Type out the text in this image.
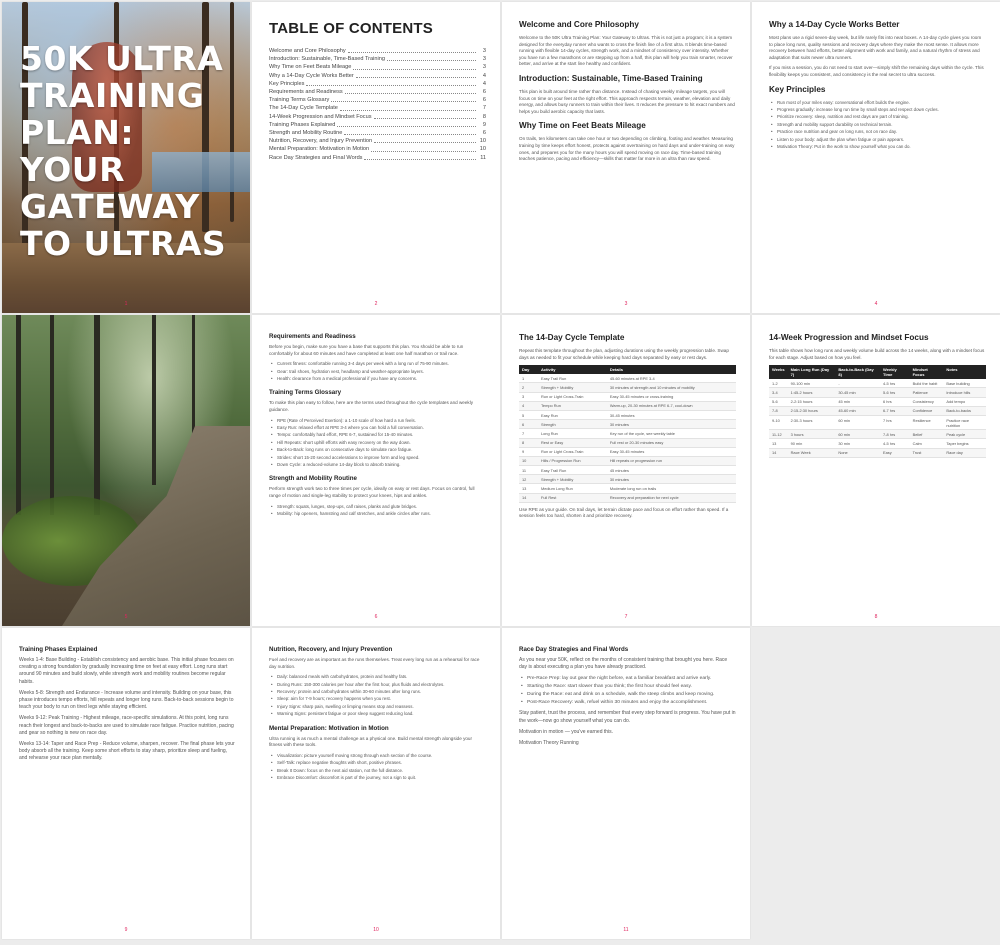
50K ULTRA TRAINING PLAN: YOUR GATEWAY TO ULTRAS
1
TABLE OF CONTENTS
Welcome and Core Philosophy	3
Introduction: Sustainable, Time-Based Training	3
Why Time on Feet Beats Mileage	3
Why a 14-Day Cycle Works Better	4
Key Principles	4
Requirements and Readiness	6
Training Terms Glossary	6
The 14-Day Cycle Template	7
14-Week Progression and Mindset Focus	8
Training Phases Explained	9
Strength and Mobility Routine	6
Nutrition, Recovery, and Injury Prevention	10
Mental Preparation: Motivation in Motion	10
Race Day Strategies and Final Words	11
2
Welcome and Core Philosophy

Welcome to the 50K Ultra Training Plan: Your Gateway to Ultras. This is not just a program; it is a system designed for the everyday runner who wants to cross the finish line of a first ultra. It blends time-based running with flexible 14-day cycles, strength work, and a mindset of consistency over intensity. Whether you have run a few marathons or are stepping up from a half, this plan will help you train smarter, recover better, and arrive at the start line healthy and confident.

Introduction: Sustainable, Time-Based Training

This plan is built around time rather than distance. Instead of chasing weekly mileage targets, you will focus on time on your feet at the right effort. This approach respects terrain, weather, elevation and daily energy, and allows busy runners to train within their lives. It reduces the pressure to hit exact numbers and helps you build aerobic capacity that lasts.

Why Time on Feet Beats Mileage

On trails, ten kilometers can take one hour or two depending on climbing, footing and weather. Measuring training by time keeps effort honest, protects against overtraining on hard days and under-training on easy ones, and prepares you for the many hours you will spend moving on race day. Time-based training teaches patience, pacing and efficiency—skills that matter far more in an ultra than raw speed.

3
Why a 14-Day Cycle Works Better

Most plans use a rigid seven-day week, but life rarely fits into neat boxes. A 14-day cycle gives you room to place long runs, quality sessions and recovery days where they make the most sense. It allows more recovery between hard efforts, better alignment with work and family, and a natural rhythm of stress and adaptation that suits newer ultra runners.

If you miss a session, you do not need to start over—simply shift the remaining days within the cycle. This flexibility keeps you consistent, and consistency is the real secret to ultra success.

Key Principles
• Run most of your miles easy: conversational effort builds the engine.
• Progress gradually: increase long run time by small steps and respect down cycles.
• Prioritize recovery: sleep, nutrition and rest days are part of training.
• Strength and mobility support durability on technical terrain.
• Practice race nutrition and gear on long runs, not on race day.
• Listen to your body: adjust the plan when fatigue or pain appears.
• Motivation Theory: Put in the work to show yourself what you can do.
4
5
Requirements and Readiness

Before you begin, make sure you have a base that supports this plan. You should be able to run comfortably for about 60 minutes and have completed at least one half marathon or trail race.

• Current fitness: comfortable running 3-4 days per week with a long run of 75-90 minutes.
• Gear: trail shoes, hydration vest, headlamp and weather-appropriate layers.
• Health: clearance from a medical professional if you have any concerns.
Training Terms Glossary

To make this plan easy to follow, here are the terms used throughout the cycle templates and weekly guidance.

• RPE (Rate of Perceived Exertion): a 1-10 scale of how hard a run feels.
• Easy Run: relaxed effort at RPE 3-4 where you can hold a full conversation.
• Tempo: comfortably hard effort, RPE 6-7, sustained for 15-40 minutes.
• Hill Repeats: short uphill efforts with easy recovery on the way down.
• Back-to-Back: long runs on consecutive days to simulate race fatigue.
• Strides: short 15-20 second accelerations to improve form and leg speed.
• Down Cycle: a reduced-volume 14-day block to absorb training.
Strength and Mobility Routine

Perform strength work two to three times per cycle, ideally on easy or rest days. Focus on control, full range of motion and single-leg stability to protect your knees, hips and ankles.

• Strength: squats, lunges, step-ups, calf raises, planks and glute bridges.
• Mobility: hip openers, hamstring and calf stretches, and ankle circles after runs.
6
The 14-Day Cycle Template

Repeat this template throughout the plan, adjusting durations using the weekly progression table. Swap days as needed to fit your schedule while keeping hard days separated by easy or rest days.

Day	Activity	Details
1	Easy Trail Run	45-60 minutes at RPE 3-4
2	Strength + Mobility	30 minutes of strength and 10 minutes of mobility
3	Run or Light Cross-Train	Easy 30-45 minutes or cross-training
4	Tempo Run	Warm-up, 20-30 minutes at RPE 6-7, cool-down
5	Easy Run	30-45 minutes
6	Strength	30 minutes
7	Long Run	Key run of the cycle, see weekly table
8	Rest or Easy	Full rest or 20-30 minutes easy
9	Run or Light Cross-Train	Easy 30-45 minutes
10	Hills / Progression Run	Hill repeats or progression run
11	Easy Trail Run	45 minutes
12	Strength + Mobility	30 minutes
13	Medium Long Run	Moderate long run on trails
14	Full Rest	Recovery and preparation for next cycle

Use RPE as your guide. On trail days, let terrain dictate pace and focus on effort rather than speed. If a session feels too hard, shorten it and prioritize recovery.

7
14-Week Progression and Mindset Focus

This table shows how long runs and weekly volume build across the 14 weeks, along with a mindset focus for each stage. Adjust based on how you feel.

Weeks	Main Long Run (Day 7)	Back-to-Back (Day 8)	Weekly Time	Mindset Focus	Notes
1-2	90-100 min	-	4-5 hrs	Build the habit	Base building
3-4	1:45-2 hours	30-45 min	5-6 hrs	Patience	Introduce hills
5-6	2-2:15 hours	45 min	6 hrs	Consistency	Add tempo
7-8	2:15-2:30 hours	45-60 min	6-7 hrs	Confidence	Back-to-backs
9-10	2:30-3 hours	60 min	7 hrs	Resilience	Practice race nutrition
11-12	3 hours	60 min	7-8 hrs	Belief	Peak cycle
13	90 min	30 min	4-5 hrs	Calm	Taper begins
14	Race Week	None	Easy	Trust	Race day
8
Training Phases Explained

Weeks 1-4: Base Building - Establish consistency and aerobic base. This initial phase focuses on creating a strong foundation by gradually increasing time on feet at easy effort. Long runs start around 90 minutes and build slowly, while strength work and mobility routines become regular habits.

Weeks 5-8: Strength and Endurance - Increase volume and intensity. Building on your base, this phase introduces tempo efforts, hill repeats and longer long runs. Back-to-back sessions begin to teach your body to run on tired legs while staying efficient.

Weeks 9-12: Peak Training - Highest mileage, race-specific simulations. At this point, long runs reach their longest and back-to-backs are used to simulate race fatigue. Practice nutrition, pacing and gear so nothing is new on race day.

Weeks 13-14: Taper and Race Prep - Reduce volume, sharpen, recover. The final phase lets your body absorb all the training. Keep some short efforts to stay sharp, prioritize sleep and fueling, and rehearse your race plan mentally.

9
Nutrition, Recovery, and Injury Prevention

Fuel and recovery are as important as the runs themselves. Treat every long run as a rehearsal for race day nutrition.

• Daily: balanced meals with carbohydrates, protein and healthy fats.
• During Runs: 150-300 calories per hour after the first hour, plus fluids and electrolytes.
• Recovery: protein and carbohydrates within 30-60 minutes after long runs.
• Sleep: aim for 7-9 hours; recovery happens when you rest.
• Injury Signs: sharp pain, swelling or limping means stop and reassess.
• Warning Signs: persistent fatigue or poor sleep suggest reducing load.
Mental Preparation: Motivation in Motion

Ultra running is as much a mental challenge as a physical one. Build mental strength alongside your fitness with these tools.

• Visualization: picture yourself moving strong through each section of the course.
• Self-Talk: replace negative thoughts with short, positive phrases.
• Break It Down: focus on the next aid station, not the full distance.
• Embrace Discomfort: discomfort is part of the journey, not a sign to quit.
10
Race Day Strategies and Final Words

As you near your 50K, reflect on the months of consistent training that brought you here. Race day is about executing a plan you have already practiced.

• Pre-Race Prep: lay out gear the night before, eat a familiar breakfast and arrive early.
• Starting the Race: start slower than you think; the first hour should feel easy.
• During the Race: eat and drink on a schedule, walk the steep climbs and keep moving.
• Post-Race Recovery: walk, refuel within 30 minutes and enjoy the accomplishment.

Stay patient, trust the process, and remember that every step forward is progress. You have put in the work—now go show yourself what you can do.

Motivation in motion — you've earned this.

Motivation Theory Running

11
